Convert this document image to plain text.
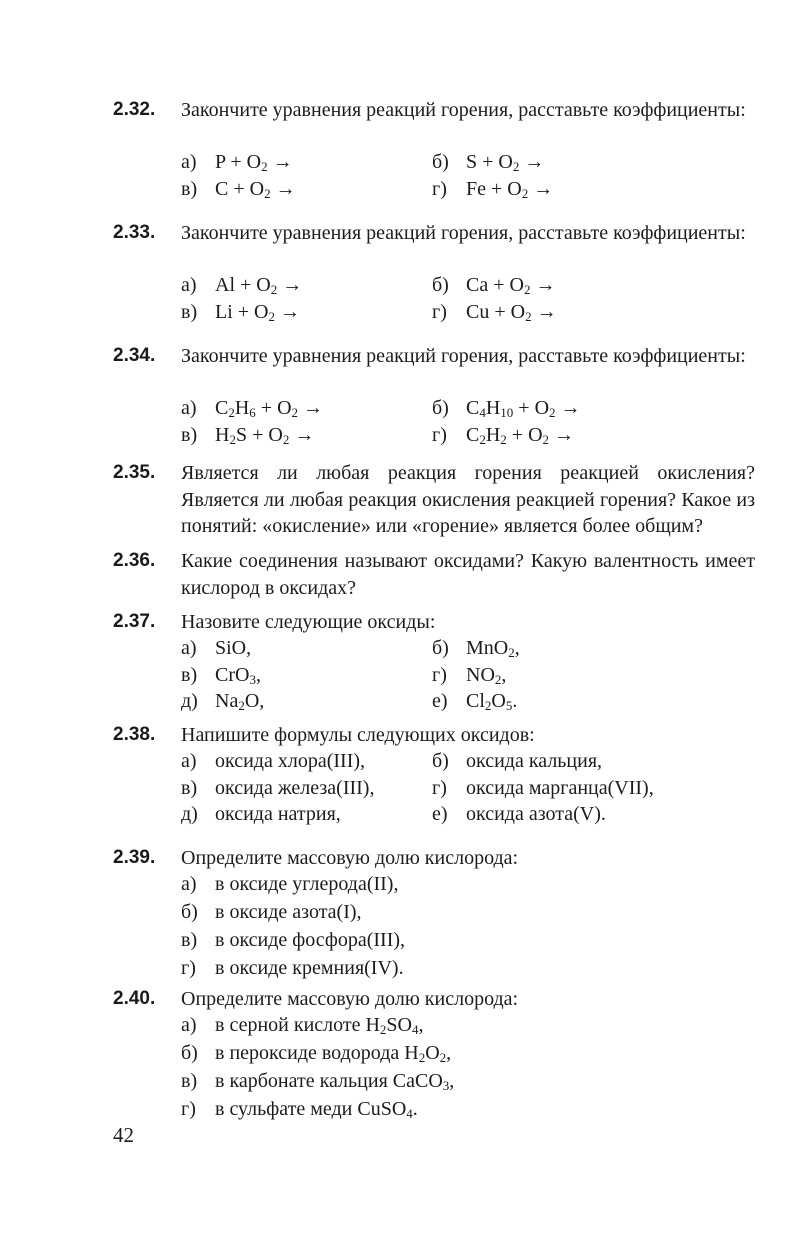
2.32. Закончите уравнения реакций горения, расставьте коэффициенты:
а) $P + O_2$ →	б) $S + O_2$ →
в) $C + O_2$ →	г) $Fe + O_2$ →
2.33. Закончите уравнения реакций горения, расставьте коэффициенты:
а) $Al + O_2$ →	б) $Ca + O_2$ →
в) $Li + O_2$ →	г) $Cu + O_2$ →
2.34. Закончите уравнения реакций горения, расставьте коэффициенты:
а) $C_2H_6 + O_2$ →	б) $C_4H_{10} + O_2$ →
в) $H_2S + O_2$ →	г) $C_2H_2 + O_2$ →
2.35. Является ли любая реакция горения реакцией окисления? Является ли любая реакция окисления реакцией горения? Какое из понятий: «окисление» или «горение» является более общим?
2.36. Какие соединения называют оксидами? Какую валентность имеет кислород в оксидах?
2.37. Назовите следующие оксиды:
а) SiO,	б) MnO$_2$,
в) CrO$_3$,	г) $NO_2$,
д) $Na_2O$,	е) $Cl_2O_5$.
2.38. Напишите формулы следующих оксидов:
а) оксида хлора(III),	б) оксида кальция,
в) оксида железа(III),	г) оксида марганца(VII),
д) оксида натрия,	е) оксида азота(V).
2.39. Определите массовую долю кислорода:
а) в оксиде углерода(II),
б) в оксиде азота(I),
в) в оксиде фосфора(III),
г) в оксиде кремния(IV).
2.40. Определите массовую долю кислорода:
а) в серной кислоте $H_2SO_4$,
б) в пероксиде водорода $H_2O_2$,
в) в карбонате кальция CaCO$_3$,
г) в сульфате меди CuSO$_4$.
42
